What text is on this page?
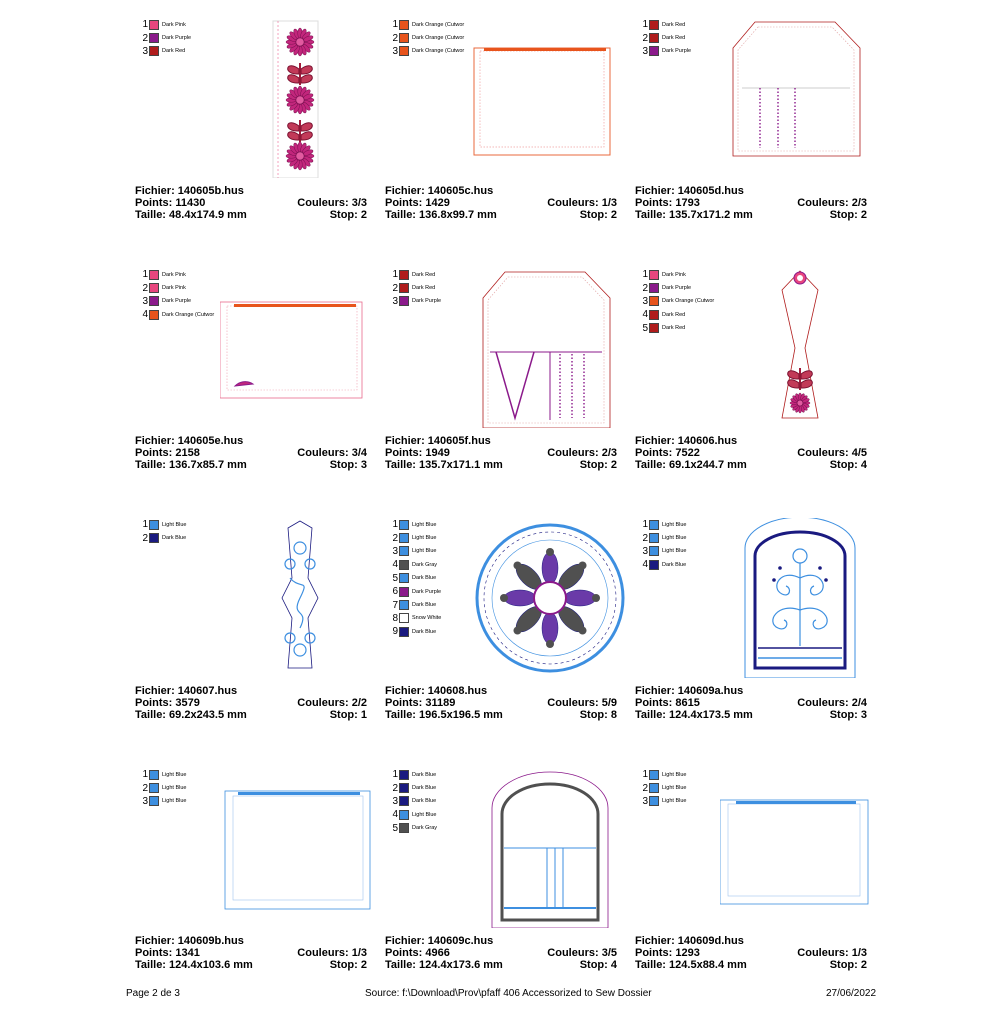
1	Dark Pink
2	Dark Purple
3	Dark Red
Fichier: 140605b.hus
Points: 11430	Couleurs: 3/3
Taille: 48.4x174.9 mm	Stop: 2
1	Dark Orange (Cutwor
2	Dark Orange (Cutwor
3	Dark Orange (Cutwor
Fichier: 140605c.hus
Points: 1429	Couleurs: 1/3
Taille: 136.8x99.7 mm	Stop: 2
1	Dark Red
2	Dark Red
3	Dark Purple
Fichier: 140605d.hus
Points: 1793	Couleurs: 2/3
Taille: 135.7x171.2 mm	Stop: 2
1	Dark Pink
2	Dark Pink
3	Dark Purple
4	Dark Orange (Cutwor
Fichier: 140605e.hus
Points: 2158	Couleurs: 3/4
Taille: 136.7x85.7 mm	Stop: 3
1	Dark Red
2	Dark Red
3	Dark Purple
Fichier: 140605f.hus
Points: 1949	Couleurs: 2/3
Taille: 135.7x171.1 mm	Stop: 2
1	Dark Pink
2	Dark Purple
3	Dark Orange (Cutwor
4	Dark Red
5	Dark Red
Fichier: 140606.hus
Points: 7522	Couleurs: 4/5
Taille: 69.1x244.7 mm	Stop: 4
1	Light Blue
2	Dark Blue
Fichier: 140607.hus
Points: 3579	Couleurs: 2/2
Taille: 69.2x243.5 mm	Stop: 1
1	Light Blue
2	Light Blue
3	Light Blue
4	Dark Gray
5	Dark Blue
6	Dark Purple
7	Dark Blue
8	Snow White
9	Dark Blue
Fichier: 140608.hus
Points: 31189	Couleurs: 5/9
Taille: 196.5x196.5 mm	Stop: 8
1	Light Blue
2	Light Blue
3	Light Blue
4	Dark Blue
Fichier: 140609a.hus
Points: 8615	Couleurs: 2/4
Taille: 124.4x173.5 mm	Stop: 3
1	Light Blue
2	Light Blue
3	Light Blue
Fichier: 140609b.hus
Points: 1341	Couleurs: 1/3
Taille: 124.4x103.6 mm	Stop: 2
1	Dark Blue
2	Dark Blue
3	Dark Blue
4	Light Blue
5	Dark Gray
Fichier: 140609c.hus
Points: 4966	Couleurs: 3/5
Taille: 124.4x173.6 mm	Stop: 4
1	Light Blue
2	Light Blue
3	Light Blue
Fichier: 140609d.hus
Points: 1293	Couleurs: 1/3
Taille: 124.5x88.4 mm	Stop: 2
Page 2 de 3	Source: f:\Download\Prov\pfaff 406 Accessorized to Sew Dossier	27/06/2022
